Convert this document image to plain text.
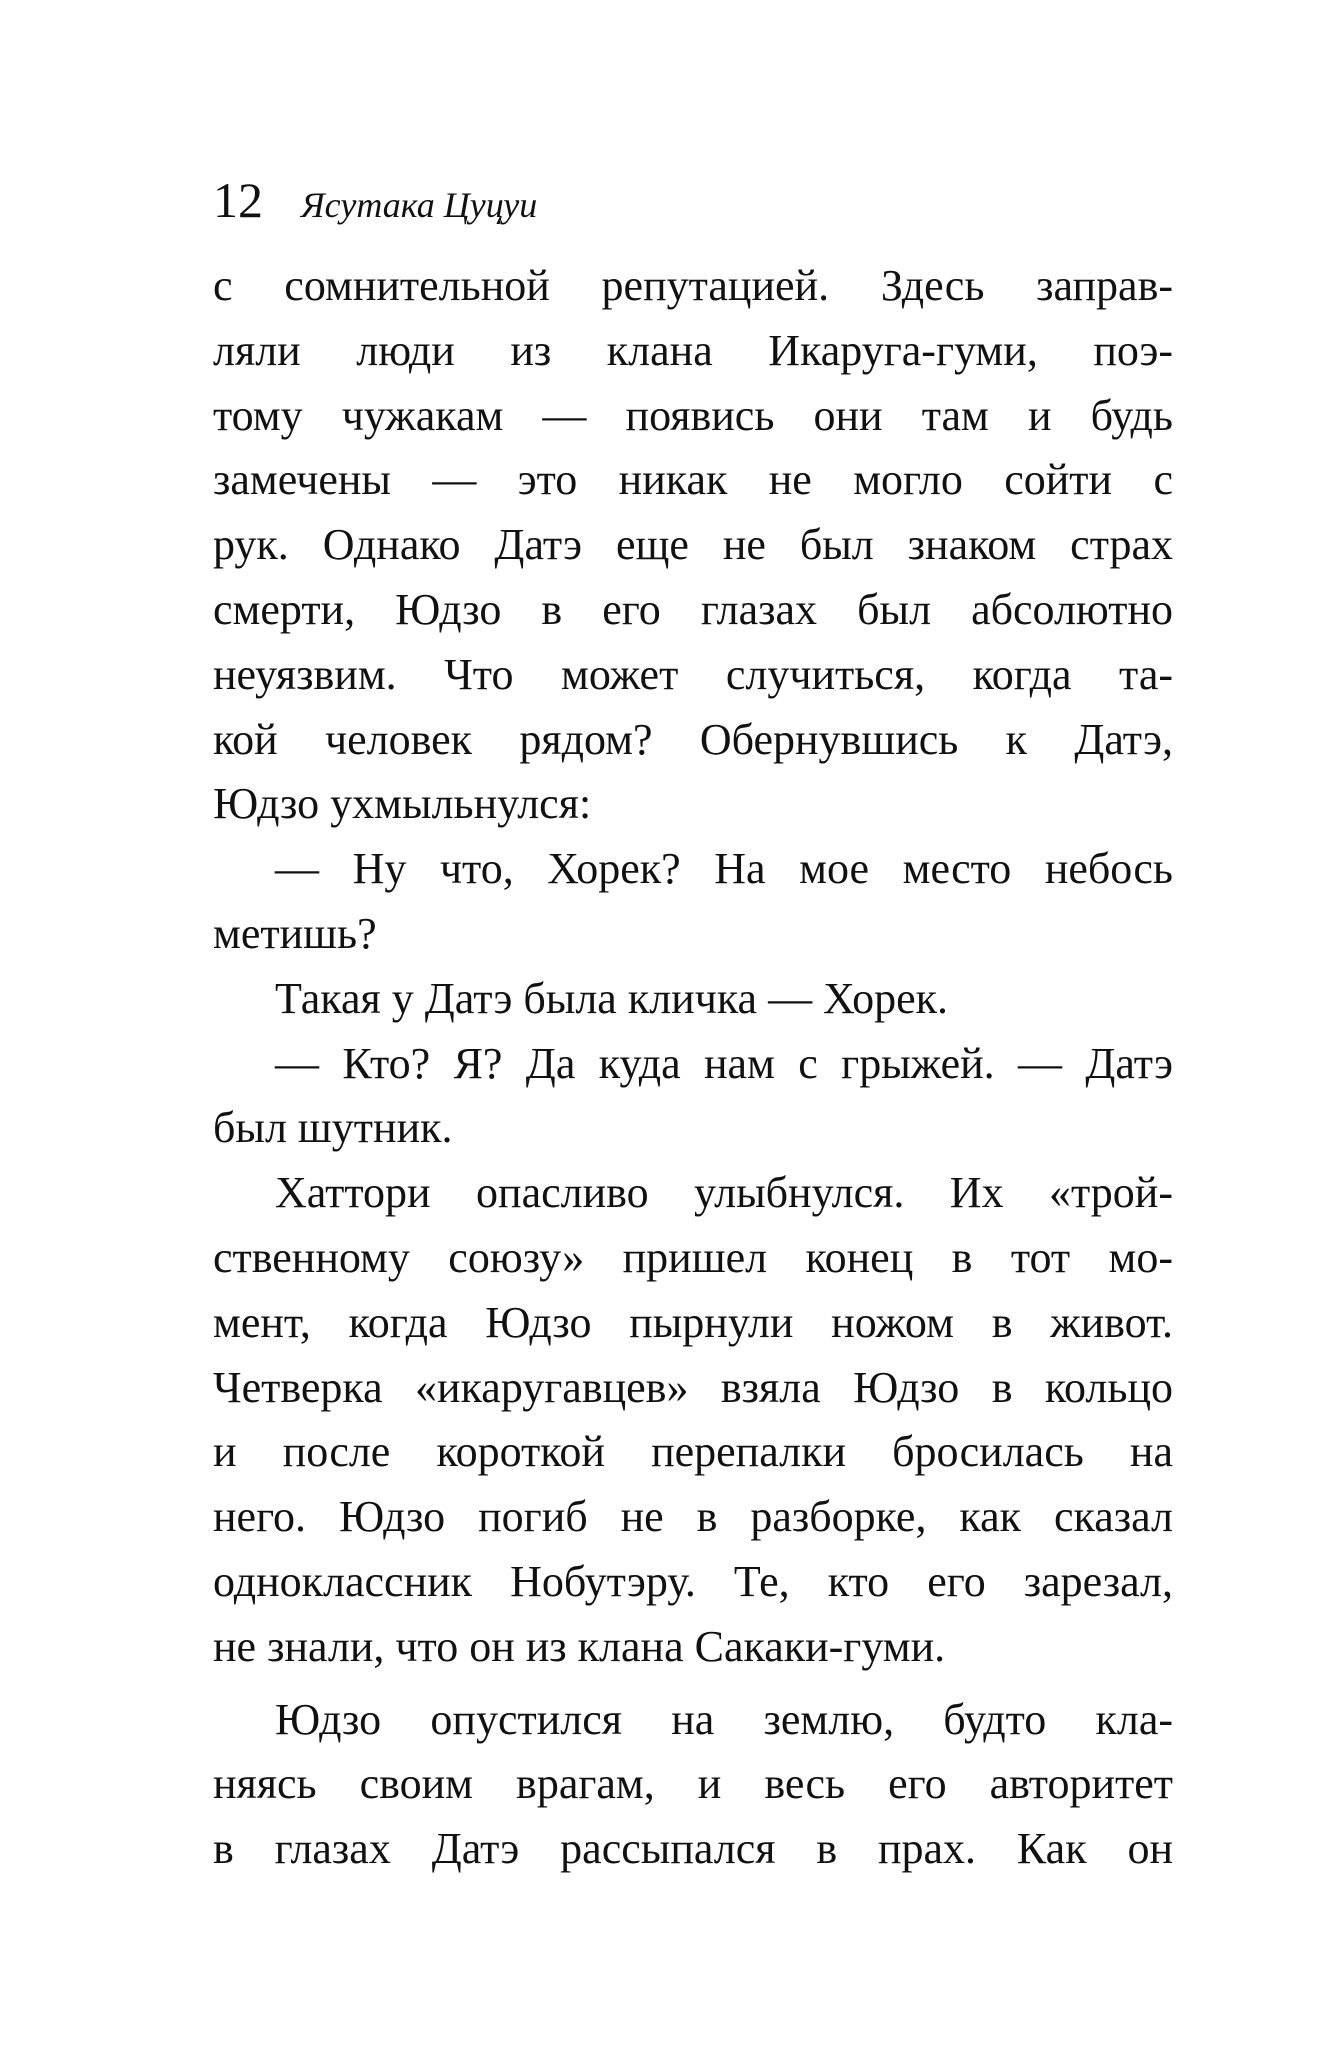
12 Ясутака Цуцуи
с сомнительной репутацией. Здесь заправ-
ляли люди из клана Икаруга-гуми, поэ-
тому чужакам — появись они там и будь
замечены — это никак не могло сойти с
рук. Однако Датэ еще не был знаком страх
смерти, Юдзо в его глазах был абсолютно
неуязвим. Что может случиться, когда та-
кой человек рядом? Обернувшись к Датэ,
Юдзо ухмыльнулся:
— Ну что, Хорек? На мое место небось
метишь?
Такая у Датэ была кличка — Хорек.
— Кто? Я? Да куда нам с грыжей. — Датэ
был шутник.
Хаттори опасливо улыбнулся. Их «трой-
ственному союзу» пришел конец в тот мо-
мент, когда Юдзо пырнули ножом в живот.
Четверка «икаругавцев» взяла Юдзо в кольцо
и после короткой перепалки бросилась на
него. Юдзо погиб не в разборке, как сказал
одноклассник Нобутэру. Те, кто его зарезал,
не знали, что он из клана Сакаки-гуми.
Юдзо опустился на землю, будто кла-
няясь своим врагам, и весь его авторитет
в глазах Датэ рассыпался в прах. Как он
